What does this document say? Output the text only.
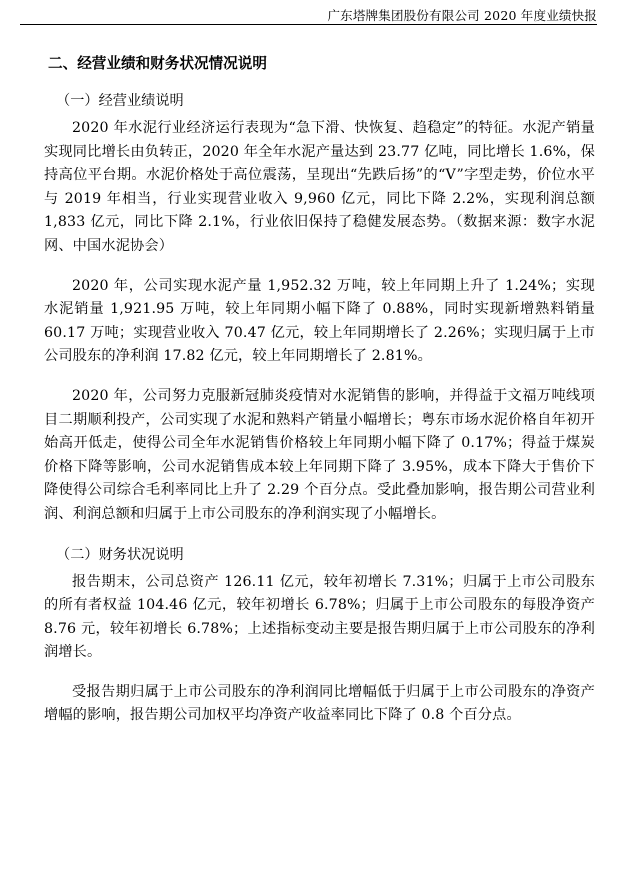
广东塔牌集团股份有限公司 2020 年度业绩快报
二、经营业绩和财务状况情况说明
（一）经营业绩说明

2020 年水泥行业经济运行表现为“急下滑、快恢复、趋稳定”的特征。水泥产销量实现同比增长由负转正，2020 年全年水泥产量达到 23.77 亿吨，同比增长 1.6%，保持高位平台期。水泥价格处于高位震荡，呈现出“先跌后扬”的“V”字型走势，价位水平与 2019 年相当，行业实现营业收入 9,960 亿元，同比下降 2.2%，实现利润总额 1,833 亿元，同比下降 2.1%，行业依旧保持了稳健发展态势。（数据来源：数字水泥网、中国水泥协会）

2020 年，公司实现水泥产量 1,952.32 万吨，较上年同期上升了 1.24%；实现水泥销量 1,921.95 万吨，较上年同期小幅下降了 0.88%，同时实现新增熟料销量 60.17 万吨；实现营业收入 70.47 亿元，较上年同期增长了 2.26%；实现归属于上市公司股东的净利润 17.82 亿元，较上年同期增长了 2.81%。

2020 年，公司努力克服新冠肺炎疫情对水泥销售的影响，并得益于文福万吨线项目二期顺利投产，公司实现了水泥和熟料产销量小幅增长；粤东市场水泥价格自年初开始高开低走，使得公司全年水泥销售价格较上年同期小幅下降了 0.17%；得益于煤炭价格下降等影响，公司水泥销售成本较上年同期下降了 3.95%，成本下降大于售价下降使得公司综合毛利率同比上升了 2.29 个百分点。受此叠加影响，报告期公司营业利润、利润总额和归属于上市公司股东的净利润实现了小幅增长。

（二）财务状况说明

报告期末，公司总资产 126.11 亿元，较年初增长 7.31%；归属于上市公司股东的所有者权益 104.46 亿元，较年初增长 6.78%；归属于上市公司股东的每股净资产 8.76 元，较年初增长 6.78%；上述指标变动主要是报告期归属于上市公司股东的净利润增长。

受报告期归属于上市公司股东的净利润同比增幅低于归属于上市公司股东的净资产增幅的影响，报告期公司加权平均净资产收益率同比下降了 0.8 个百分点。
